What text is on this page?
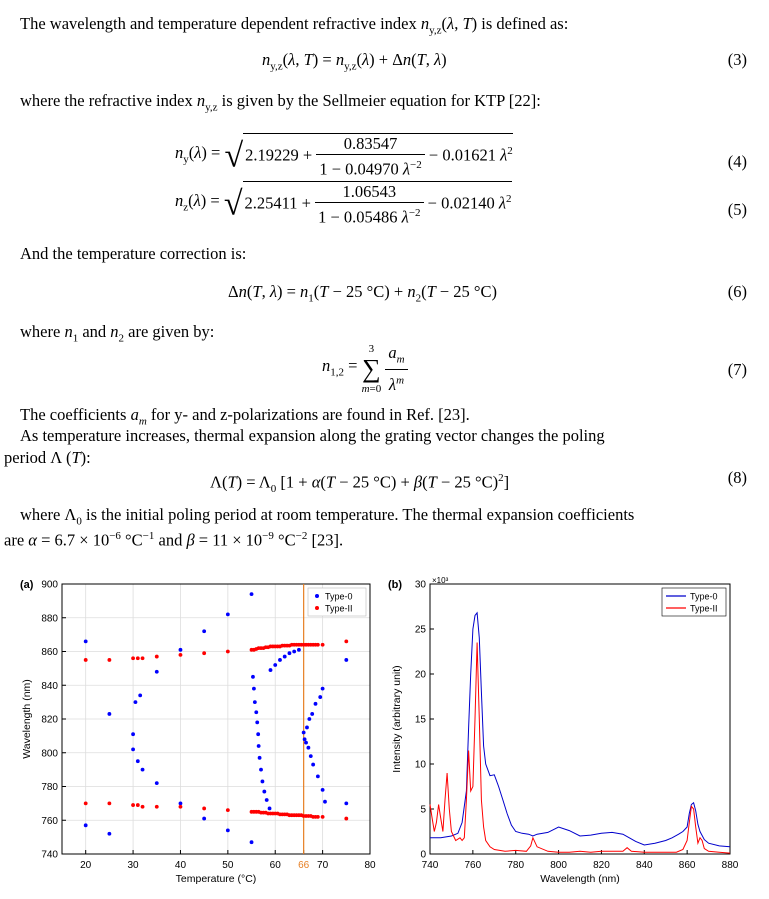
The wavelength and temperature dependent refractive index $n_{y,z}(\lambda$, T) is defined as:
$n_{y,z}(\lambda$, $T) = n_{y,z}(\lambda) + \Delta n(T$, λ)	(3)
where the refractive index $n_{y,z}$ is given by the Sellmeier equation for KTP [22]:
$n_y(\lambda)$ = √ $2.19229 + \frac{0.83547}{1 - 0.04970 \lambda^{-2}} - 0.01621$ $\lambda^2$
(4)
$n_z(\lambda)$ = √ $2.25411 + \frac{1.06543}{1 - 0.05486 \lambda^{-2}} - 0.02140$ $\lambda^2$
(5)
And the temperature correction is:
Δn(T, $\lambda) = n_1(T - 25$ $^\circ C) + n_2(T - 25$ °C)	(6)
where $n_1$ and $n_2$ are given by:
$n_{1,2}$ =
3
∑
m=0
$\frac{a_m}{\lambda^m}$	(7)
The coefficients $a_m$ for y- and z-polarizations are found in Ref. [23].
As temperature increases, thermal expansion along the grating vector changes the poling
period Λ (T):
$\Lambda(T) = \Lambda_0$ [1 + α(T − 25 °C) + β(T − 25 °C)$^2$]	(8)
where $\Lambda_0$ is the initial poling period at room temperature. The thermal expansion coefficients
are $\alpha = 6.7 \times 10^{-6}$ $^\circ C^{-1}$ and $\beta = 11 \times 10^{-9}$ $^\circ C^{-2}$ [23].
20	30	40	50	60 66 70	80
740
760
780
800
820
840
860
880
900
Temperature (°C)
Wavelength (nm)
(a)
Type-0
Type-II
740	760	780	800	820	840	860	880
0
5
10
15
20
25
30
Wavelength (nm)
Intensity (arbitrary unit)
(b)	×10³
Type-0
Type-II
